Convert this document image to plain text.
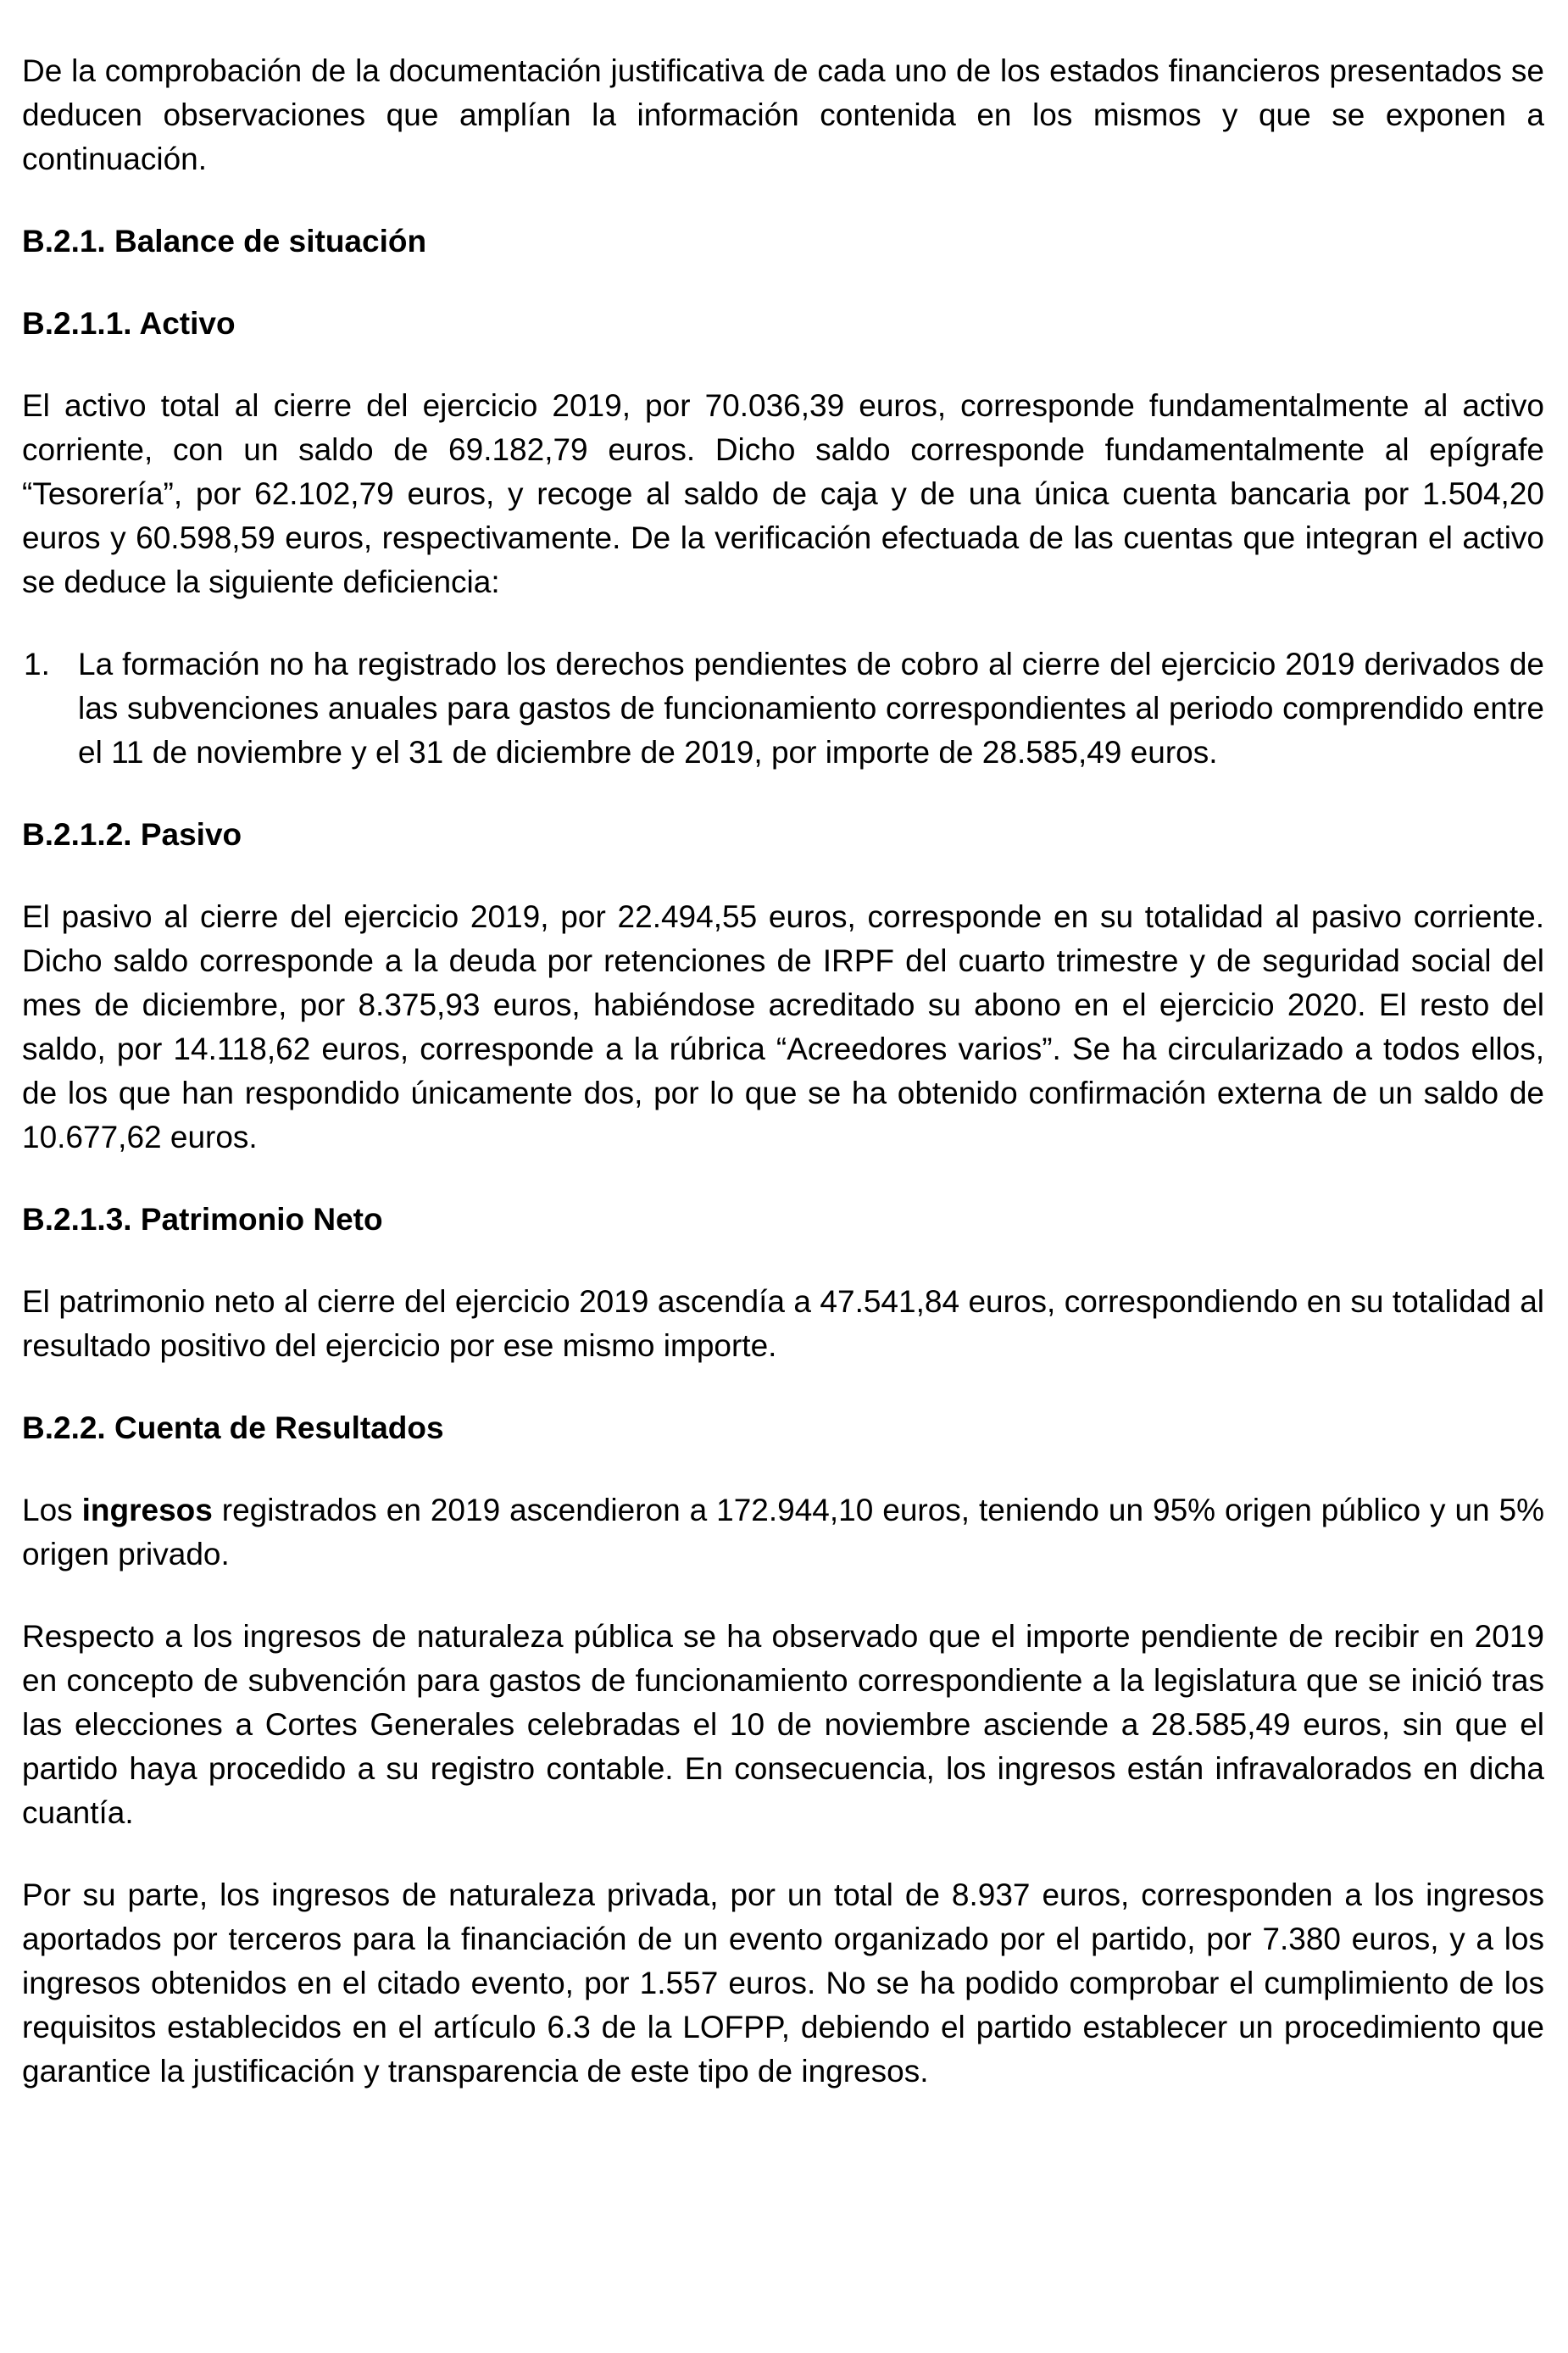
De la comprobación de la documentación justificativa de cada uno de los estados financieros presentados se deducen observaciones que amplían la información contenida en los mismos y que se exponen a continuación.

B.2.1. Balance de situación
B.2.1.1. Activo

El activo total al cierre del ejercicio 2019, por 70.036,39 euros, corresponde fundamentalmente al activo corriente, con un saldo de 69.182,79 euros. Dicho saldo corresponde fundamentalmente al epígrafe “Tesorería”, por 62.102,79 euros, y recoge al saldo de caja y de una única cuenta bancaria por 1.504,20 euros y 60.598,59 euros, respectivamente. De la verificación efectuada de las cuentas que integran el activo se deduce la siguiente deficiencia:

1. La formación no ha registrado los derechos pendientes de cobro al cierre del ejercicio 2019 derivados de las subvenciones anuales para gastos de funcionamiento correspondientes al periodo comprendido entre el 11 de noviembre y el 31 de diciembre de 2019, por importe de 28.585,49 euros.
B.2.1.2. Pasivo

El pasivo al cierre del ejercicio 2019, por 22.494,55 euros, corresponde en su totalidad al pasivo corriente. Dicho saldo corresponde a la deuda por retenciones de IRPF del cuarto trimestre y de seguridad social del mes de diciembre, por 8.375,93 euros, habiéndose acreditado su abono en el ejercicio 2020. El resto del saldo, por 14.118,62 euros, corresponde a la rúbrica “Acreedores varios”. Se ha circularizado a todos ellos, de los que han respondido únicamente dos, por lo que se ha obtenido confirmación externa de un saldo de 10.677,62 euros.

B.2.1.3. Patrimonio Neto

El patrimonio neto al cierre del ejercicio 2019 ascendía a 47.541,84 euros, correspondiendo en su totalidad al resultado positivo del ejercicio por ese mismo importe.

B.2.2. Cuenta de Resultados

Los ingresos registrados en 2019 ascendieron a 172.944,10 euros, teniendo un 95% origen público y un 5% origen privado.

Respecto a los ingresos de naturaleza pública se ha observado que el importe pendiente de recibir en 2019 en concepto de subvención para gastos de funcionamiento correspondiente a la legislatura que se inició tras las elecciones a Cortes Generales celebradas el 10 de noviembre asciende a 28.585,49 euros, sin que el partido haya procedido a su registro contable. En consecuencia, los ingresos están infravalorados en dicha cuantía.

Por su parte, los ingresos de naturaleza privada, por un total de 8.937 euros, corresponden a los ingresos aportados por terceros para la financiación de un evento organizado por el partido, por 7.380 euros, y a los ingresos obtenidos en el citado evento, por 1.557 euros. No se ha podido comprobar el cumplimiento de los requisitos establecidos en el artículo 6.3 de la LOFPP, debiendo el partido establecer un procedimiento que garantice la justificación y transparencia de este tipo de ingresos.
